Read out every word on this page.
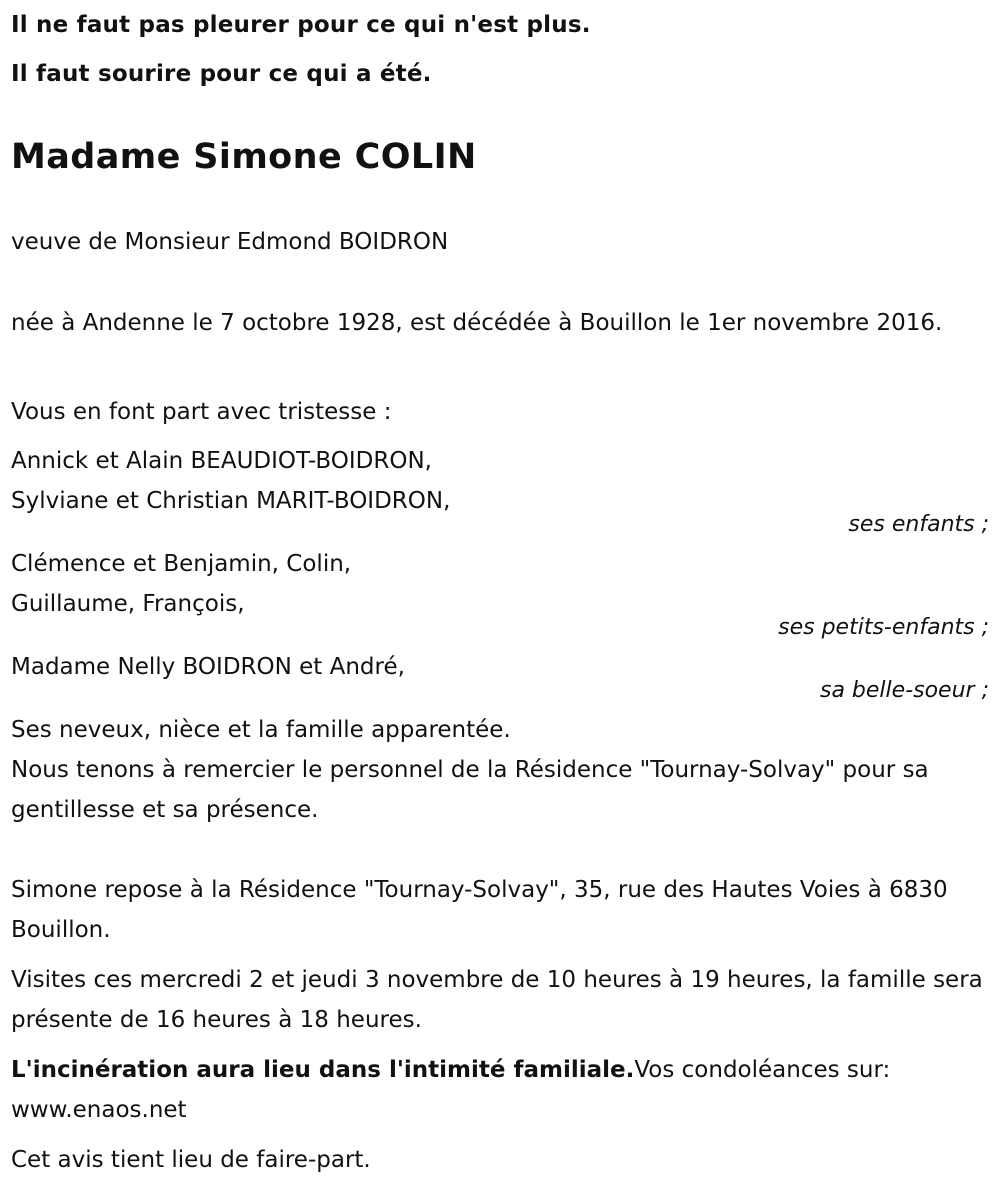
Il ne faut pas pleurer pour ce qui n'est plus.

Il faut sourire pour ce qui a été.

Madame Simone COLIN

veuve de Monsieur Edmond BOIDRON

née à Andenne le 7 octobre 1928, est décédée à Bouillon le 1er novembre 2016.

Vous en font part avec tristesse :

Annick et Alain BEAUDIOT-BOIDRON,

Sylviane et Christian MARIT-BOIDRON,

ses enfants ;

Clémence et Benjamin, Colin,

Guillaume, François,

ses petits-enfants ;

Madame Nelly BOIDRON et André,

sa belle-soeur ;

Ses neveux, nièce et la famille apparentée.

Nous tenons à remercier le personnel de la Résidence "Tournay-Solvay" pour sa gentillesse et sa présence.

Simone repose à la Résidence "Tournay-Solvay", 35, rue des Hautes Voies à 6830 Bouillon.

Visites ces mercredi 2 et jeudi 3 novembre de 10 heures à 19 heures, la famille sera présente de 16 heures à 18 heures.

L'incinération aura lieu dans l'intimité familiale.Vos condoléances sur: www.enaos.net

Cet avis tient lieu de faire-part.
